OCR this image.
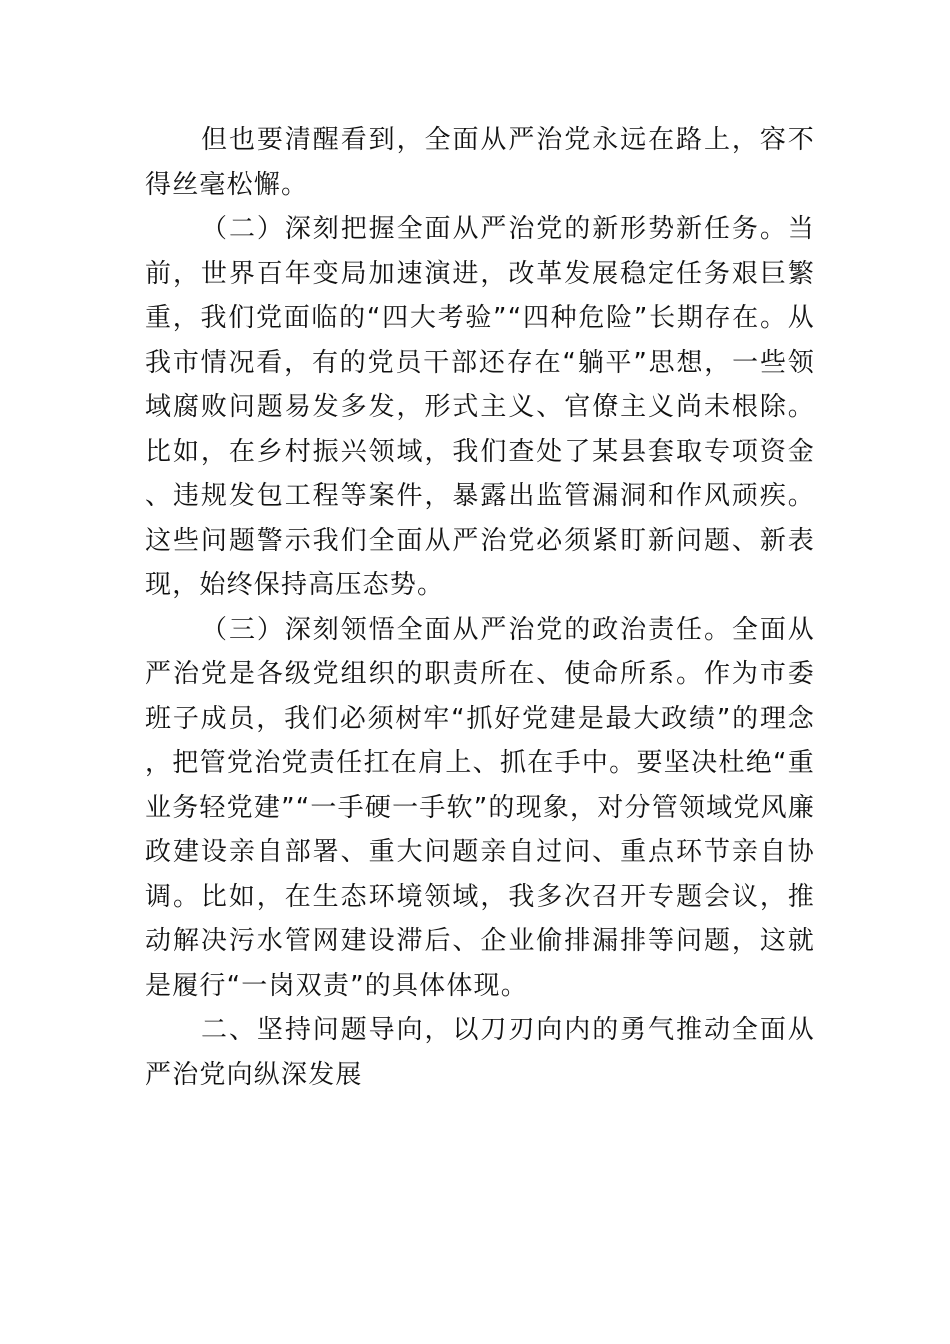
但也要清醒看到，全面从严治党永远在路上，容不得丝毫松懈。

（二）深刻把握全面从严治党的新形势新任务。当前，世界百年变局加速演进，改革发展稳定任务艰巨繁重，我们党面临的“四大考验”“四种危险”长期存在。从我市情况看，有的党员干部还存在“躺平”思想，一些领域腐败问题易发多发，形式主义、官僚主义尚未根除。比如，在乡村振兴领域，我们查处了某县套取专项资金、违规发包工程等案件，暴露出监管漏洞和作风顽疾。这些问题警示我们全面从严治党必须紧盯新问题、新表现，始终保持高压态势。

（三）深刻领悟全面从严治党的政治责任。全面从严治党是各级党组织的职责所在、使命所系。作为市委班子成员，我们必须树牢“抓好党建是最大政绩”的理念，把管党治党责任扛在肩上、抓在手中。要坚决杜绝“重业务轻党建”“一手硬一手软”的现象，对分管领域党风廉政建设亲自部署、重大问题亲自过问、重点环节亲自协调。比如，在生态环境领域，我多次召开专题会议，推动解决污水管网建设滞后、企业偷排漏排等问题，这就是履行“一岗双责”的具体体现。

二、坚持问题导向，以刀刃向内的勇气推动全面从严治党向纵深发展
